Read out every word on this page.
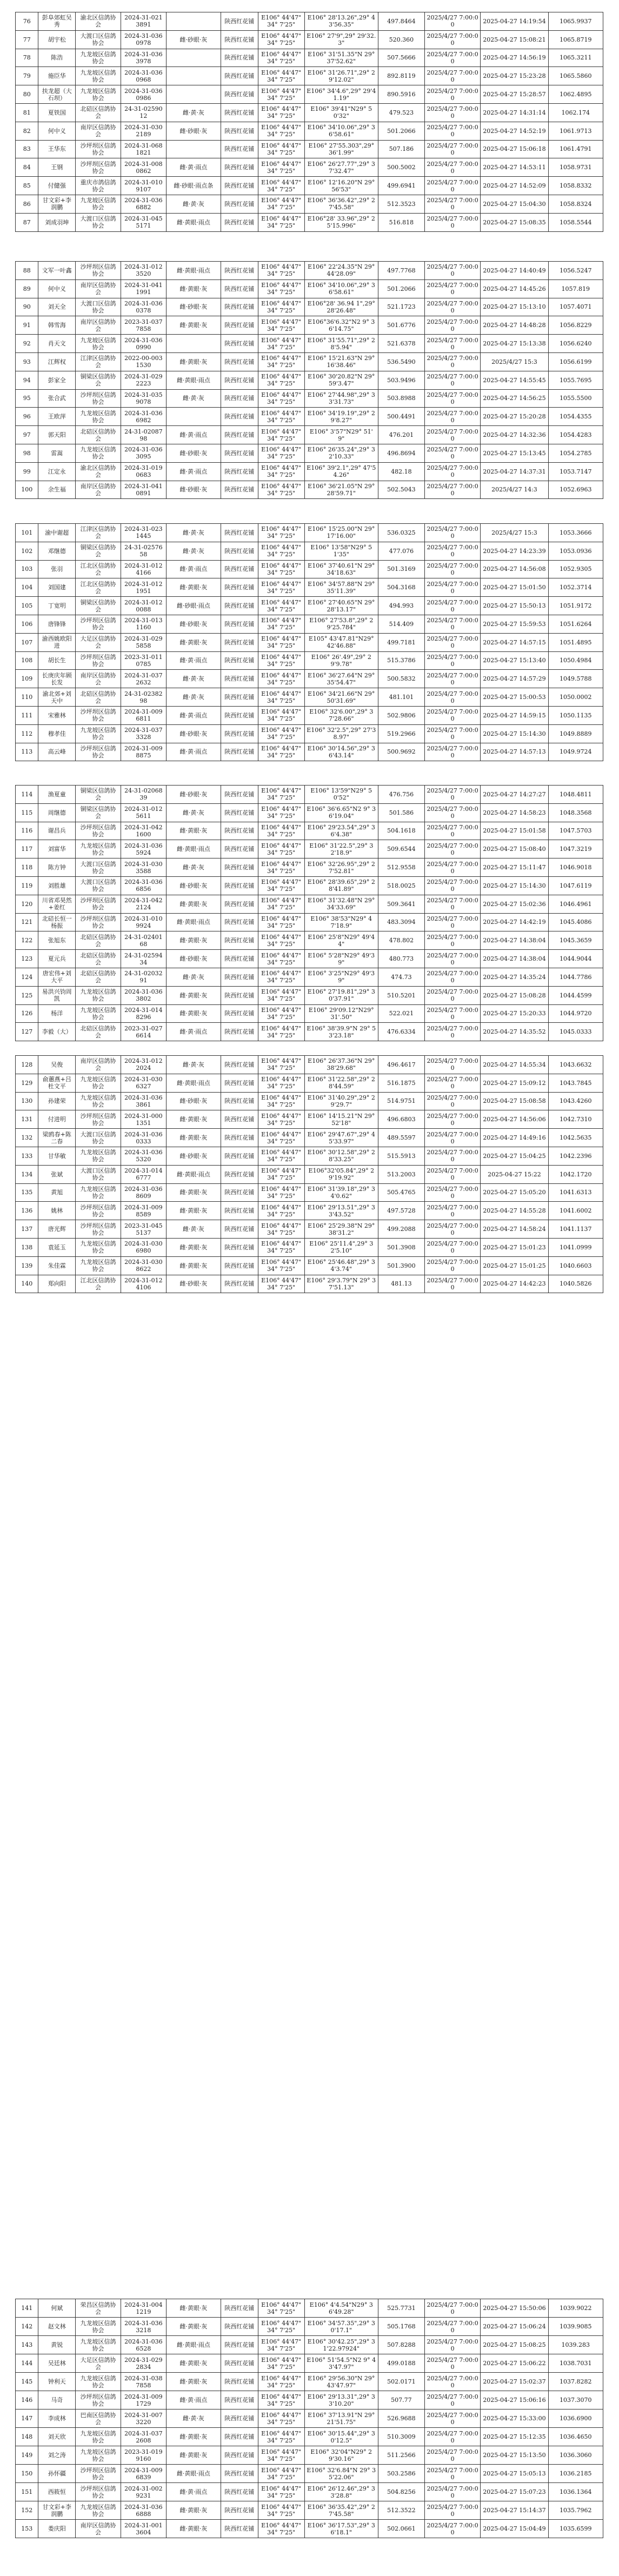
76	彭阜郊虹吴秀	渝北区信鸽协会	2024-31-0213891		陕西红花铺	E106° 44'47" 34° 7'25"	E106° 28'13.26",29° 43'56.35"	497.8464	2025/4/27 7:00:00	2025-04-27 14:19:54	1065.9937
77	胡宇松	大渡口区信鸽协会	2024-31-0360978	雌·砂眼·灰	陕西红花铺	E106° 44'47" 34° 7'25"	E106° 27'9",29° 29'32.3"	520.360	2025/4/27 7:00:00	2025-04-27 15:08:21	1065.8719
78	陈浩	九龙坡区信鸽协会	2024-31-0363978		陕西红花铺	E106° 44'47" 34° 7'25"	E106° 31'51.35"N 29° 37'52.62"	507.5666	2025/4/27 7:00:00	2025-04-27 14:56:19	1065.3211
79	施臣华	九龙坡区信鸽协会	2024-31-0360968		陕西红花铺	E106° 44'47" 34° 7'25"	E106° 31'26.71",29° 29'12.02"	892.8119	2025/4/27 7:00:00	2025-04-27 15:23:28	1065.5860
80	扶龙超（大石坝）	九龙坡区信鸽协会	2024-31-0360986		陕西红花铺	E106° 44'47" 34° 7'25"	E106° 34'4.6",29° 29'41.19"	890.5916	2025/4/27 7:00:00	2025-04-27 15:28:57	1062.4895
81	夏铁国	北碚区信鸽协会	24-31-0259012	雌·黄·灰	陕西红花铺	E106° 44'47" 34° 7'25"	E106° 39'41"N29° 50'32"	479.523	2025/4/27 7:00:00	2025-04-27 14:31:14	1062.174
82	何中义	南岸区信鸽协会	2024-31-0302189	雌·砂眼·灰	陕西红花铺	E106° 44'47" 34° 7'25"	E106° 34'10.06",29° 36'58.61"	501.2066	2025/4/27 7:00:00	2025-04-27 14:52:19	1061.9713
83	王华东	沙坪坝区信鸽协会	2024-31-0681821		陕西红花铺	E106° 44'47" 34° 7'25"	E106° 27'55.303",29° 36'1.99"	507.186	2025/4/27 7:00:00	2025-04-27 15:06:18	1061.4791
84	王钢	沙坪坝区信鸽协会	2024-31-0080862	雌·黄·雨点	陕西红花铺	E106° 44'47" 34° 7'25"	E106° 26'27.77",29° 37'32.47"	500.5002	2025/4/27 7:00:00	2025-04-27 14:53:11	1058.9731
85	付健强	重庆市鸽信鸽协会	2024-31-0109107	雌·砂眼·雨点条	陕西红花铺	E106° 44'47" 34° 7'25"	E106° 12'16.20"N 29° 56'53"	499.6941	2025/4/27 7:00:00	2025-04-27 14:52:09	1058.8332
86	甘文彩+李润鹏	九龙坡区信鸽协会	2024-31-0366882	雌·黄·灰	陕西红花铺	E106° 44'47" 34° 7'25"	E106° 36'36.42",29° 27'45.58"	512.3523	2025/4/27 7:00:00	2025-04-27 15:04:30	1058.8324
87	刘成羽坤	大渡口区信鸽协会	2024-31-0455171	雌·黄眼·雨点	陕西红花铺	E106° 44'47" 34° 7'25"	E106°28' 33.96",29° 25'15.996"	516.818	2025/4/27 7:00:00	2025-04-27 15:08:35	1058.5544
88	文军一叶鑫	沙坪坝区信鸽协会	2024-31-0123520	雌·黄眼·雨点	陕西红花铺	E106° 44'47" 34° 7'25"	E106° 22'24.35"N 29° 44'28.09"	497.7768	2025/4/27 7:00:00	2025-04-27 14:40:49	1056.5247
89	何中义	南岸区信鸽协会	2024-31-0411991	雌·黄眼·灰	陕西红花铺	E106° 44'47" 34° 7'25"	E106° 34'10.06",29° 36'58.61"	501.2066	2025/4/27 7:00:00	2025-04-27 14:45:26	1057.819
90	刘天全	大渡口区信鸽协会	2024-31-0360378	雌·砂眼·灰	陕西红花铺	E106° 44'47" 34° 7'25"	E106°28' 36.94 1",29° 28'26.48"	521.1723	2025/4/27 7:00:00	2025-04-27 15:13:10	1057.4071
91	韩雪海	南岸区信鸽协会	2023-31-0377858	雌·黄眼·灰	陕西红花铺	E106° 44'47" 34° 7'25"	E106°36'6.32"N2 9° 36'14.75"	501.6776	2025/4/27 7:00:00	2025-04-27 14:48:28	1056.8229
92	肖天文	九龙坡区信鸽协会	2024-31-0360990		陕西红花铺	E106° 44'47" 34° 7'25"	E106° 31'55.71",29° 28'5.94"	521.6378	2025/4/27 7:00:00	2025-04-27 15:13:38	1056.6240
93	江辉权	江津区信鸽协会	2022-00-0031530	雌·黄眼·灰	陕西红花铺	E106° 44'47" 34° 7'25"	E106° 15'21.63"N 29° 16'38.46"	536.5490	2025/4/27 7:00:00	2025/4/27 15:3	1056.6199
94	彭家全	铜梁区信鸽协会	2024-31-0292223	雌·黄眼·雨点	陕西红花铺	E106° 44'47" 34° 7'25"	E106° 30'20.82"N 29° 59'3.47"	503.9496	2025/4/27 7:00:00	2025-04-27 14:55:45	1055.7695
95	张合武	沙坪坝区信鸽协会	2024-31-0359078	雌·黄·灰	陕西红花铺	E106° 44'47" 34° 7'25"	E106° 27'44.98",29° 33'31.73"	503.8988	2025/4/27 7:00:00	2025-04-27 14:56:25	1055.5500
96	王欧萍	九龙坡区信鸽协会	2024-31-0366982		陕西红花铺	E106° 44'47" 34° 7'25"	E106° 34'19.19",29° 29'8.27"	500.4491	2025/4/27 7:00:00	2025-04-27 15:20:28	1054.4355
97	郭天阳	北碚区信鸽协会	24-31-0208798	雌·黄·雨点	陕西红花铺	E106° 44'47" 34° 7'25"	E106° 3'57"N29° 51' 9"	476.201	2025/4/27 7:00:00	2025-04-27 14:32:36	1054.4283
98	雷嵩	九龙坡区信鸽协会	2024-31-0363095	雌·砂眼·灰	陕西红花铺	E106° 44'47" 34° 7'25"	E106° 26'35.24",29° 32'10.33"	496.8694	2025/4/27 7:00:00	2025-04-27 15:13:45	1054.2785
99	江定永	渝北区信鸽协会	2024-31-0190683	雌·黄·雨点	陕西红花铺	E106° 44'47" 34° 7'25"	E106° 39'2.1",29° 47'54.26"	482.18	2025/4/27 7:00:00	2025-04-27 14:37:31	1053.7147
100	余生福	南岸区信鸽协会	2024-31-0410891	雌·砂眼·灰	陕西红花铺	E106° 44'47" 34° 7'25"	E106° 36'21.05"N 29° 28'59.71"	502.5043	2025/4/27 7:00:00	2025/4/27 14:3	1052.6963
101	渝中谢超	江津区信鸽协会	2024-31-0231445	雌·黄·灰	陕西红花铺	E106° 44'47" 34° 7'25"	E106° 15'25.00"N 29° 17'16.00"	536.0325	2025/4/27 7:00:00	2025/4/27 15:3	1053.3666
102	邓继德	铜梁区信鸽协会	24-31-0257658	雌·黄·灰	陕西红花铺	E106° 44'47" 34° 7'25"	E106° 13'58"N29° 51'35"	477.076	2025/4/27 7:00:00	2025-04-27 14:23:39	1053.0936
103	张羽	江北区信鸽协会	2024-31-0124166	雌·黄·雨点	陕西红花铺	E106° 44'47" 34° 7'25"	E106° 37'40.61"N 29° 34'18.63"	501.3169	2025/4/27 7:00:00	2025-04-27 14:56:08	1052.9305
104	刘国建	江北区信鸽协会	2024-31-0121951	雌·黄眼·灰	陕西红花铺	E106° 44'47" 34° 7'25"	E106° 34'57.88"N 29° 35'11.39"	504.3168	2025/4/27 7:00:00	2025-04-27 15:01:50	1052.3714
105	丁宽明	铜梁区信鸽协会	2024-31-0120088	雌·砂眼·雨点	陕西红花铺	E106° 44'47" 34° 7'25"	E106° 27'40.65"N 29° 28'13.17"	494.993	2025/4/27 7:00:00	2025-04-27 15:50:13	1051.9172
106	唐锋锋	沙坪坝区信鸽协会	2024-31-0131160	雌·砂眼·灰	陕西红花铺	E106° 44'47" 34° 7'25"	E106° 27'53.8",29° 29'25.784"	514.409	2025/4/27 7:00:00	2025-04-27 15:59:53	1051.6264
107	渝西姚欧阳进	大足区信鸽协会	2024-31-0295858	雌·黄眼·灰	陕西红花铺	E106° 44'47" 34° 7'25"	E105° 43'47.81"N29° 42'46.88"	499.7181	2025/4/27 7:00:00	2025-04-27 14:57:15	1051.4895
108	胡长生	沙坪坝区信鸽协会	2023-31-0110785	雌·黄·雨点	陕西红花铺	E106° 44'47" 34° 7'25"	E106° 26'.49",29° 29'9.78"	515.3786	2025/4/27 7:00:00	2025-04-27 15:13:40	1050.4984
109	长庚庆年顾长发	南岸区信鸽协会	2024-31-0372632	雌·黄·灰	陕西红花铺	E106° 44'47" 34° 7'25"	E106° 36'27.64"N 29° 35'54.47"	500.5832	2025/4/27 7:00:00	2025-04-27 14:57:29	1049.5788
110	渝北郊+刘天中	北碚区信鸽协会	24-31-0238298	雌·黄·灰	陕西红花铺	E106° 44'47" 34° 7'25"	E106° 34'21.66"N 29° 50'31.69"	481.101	2025/4/27 7:00:00	2025-04-27 15:00:53	1050.0002
111	宋雅林	沙坪坝区信鸽协会	2024-31-0096811	雌·黄·雨点	陕西红花铺	E106° 44'47" 34° 7'25"	E106° 32'6.00",29° 37'28.66"	502.9806	2025/4/27 7:00:00	2025-04-27 14:59:15	1050.1135
112	穆孝佳	九龙坡区信鸽协会	2024-31-0373328	雌·砂眼·灰	陕西红花铺	E106° 44'47" 34° 7'25"	E106° 32'2.5",29° 27'38.97"	519.2966	2025/4/27 7:00:00	2025-04-27 15:14:30	1049.8889
113	高云峰	沙坪坝区信鸽协会	2024-31-0098875	雌·黄·雨点	陕西红花铺	E106° 44'47" 34° 7'25"	E106° 30'14.56",29° 36'43.14"	500.9692	2025/4/27 7:00:00	2025-04-27 14:57:13	1049.9724
114	渔夏童	铜梁区信鸽协会	24-31-0206839	雌·砂眼·灰	陕西红花铺	E106° 44'47" 34° 7'25"	E106° 13'59"N29° 50'52"	476.756	2025/4/27 7:00:00	2025-04-27 14:27:27	1048.4811
115	周继德	铜梁区信鸽协会	2024-31-0125611	雌·黄·灰	陕西红花铺	E106° 44'47" 34° 7'25"	E106° 36'6.65"N2 9° 36'19.04"	501.586	2025/4/27 7:00:00	2025-04-27 14:58:23	1048.3568
116	谢昌兵	沙坪坝区信鸽协会	2024-31-0421600	雌·黄眼·灰	陕西红花铺	E106° 44'47" 34° 7'25"	E106° 29'23.54",29° 36'4.38"	504.1618	2025/4/27 7:00:00	2025-04-27 15:01:58	1047.5703
117	刘富华	九龙坡区信鸽协会	2024-31-0365924	雌·黄眼·雨点	陕西红花铺	E106° 44'47" 34° 7'25"	E106° 31'22.5",29° 32'18.9"	509.6544	2025/4/27 7:00:00	2025-04-27 15:08:40	1047.3219
118	陈方钟	大渡口区信鸽协会	2024-31-0303588	雌·黄·灰	陕西红花铺	E106° 44'47" 34° 7'25"	E106° 32'26.95",29° 27'52.81"	512.9558	2025/4/27 7:00:00	2025-04-27 15:11:47	1046.9018
119	刘胜雄	大渡口区信鸽协会	2024-31-0366856	雌·砂眼·灰	陕西红花铺	E106° 44'47" 34° 7'25"	E106° 28'39.65",29° 28'41.89"	518.0025	2025/4/27 7:00:00	2025-04-27 15:14:30	1047.6119
120	川省邓昊然+姜红	沙坪坝区信鸽协会	2024-31-0422124	雌·黄眼·灰	陕西红花铺	E106° 44'47" 34° 7'25"	E106° 31'32.48"N 29° 34'33.69"	509.3641	2025/4/27 7:00:00	2025-04-27 15:02:36	1046.4961
121	北碚长恒一杨振	沙坪坝区信鸽协会	2024-31-0109924	雌·黄眼·雨点	陕西红花铺	E106° 44'47" 34° 7'25"	E106° 38'53"N29° 47'18.9"	483.3094	2025/4/27 7:00:00	2025-04-27 14:42:19	1045.4086
122	张旭东	北碚区信鸽协会	24-31-0240168	雌·黄眼·灰	陕西红花铺	E106° 44'47" 34° 7'25"	E106° 25'8"N29° 49'44"	478.802	2025/4/27 7:00:00	2025-04-27 14:38:04	1045.3659
123	夏元兵	北碚区信鸽协会	24-31-0259434	雌·砂眼·灰	陕西红花铺	E106° 44'47" 34° 7'25"	E106° 5'28"N29° 49'39"	480.773	2025/4/27 7:00:00	2025-04-27 14:38:04	1044.9044
124	唐宏伟+刘大平	北碚区信鸽协会	24-31-0203291	雌·黄·灰	陕西红花铺	E106° 44'47" 34° 7'25"	E106° 3'25"N29° 49'39"	474.73	2025/4/27 7:00:00	2025-04-27 14:35:24	1044.7786
125	易洪兴钧周凯	九龙坡区信鸽协会	2024-31-0363802	雌·黄眼·灰	陕西红花铺	E106° 44'47" 34° 7'25"	E106° 27'19.81",29° 30'37.91"	510.5201	2025/4/27 7:00:00	2025-04-27 15:08:28	1044.4599
126	杨洋	九龙坡区信鸽协会	2024-31-0148296	雌·黄眼·灰	陕西红花铺	E106° 44'47" 34° 7'25"	E106° 29'09.12"N29° 31'.50"	522.021	2025/4/27 7:00:00	2025-04-27 15:20:33	1044.9720
127	李毅（大）	北碚区信鸽协会	2023-31-0276614	雌·黄·雨点	陕西红花铺	E106° 44'47" 34° 7'25"	E106° 38'39.9"N 29° 53'23.18"	476.6334	2025/4/27 7:00:00	2025-04-27 14:35:52	1045.0333
128	吴俊	南岸区信鸽协会	2024-31-0122024	雌·黄·灰	陕西红花铺	E106° 44'47" 34° 7'25"	E106° 26'37.36"N 29° 38'29.68"	496.4617	2025/4/27 7:00:00	2025-04-27 14:55:34	1043.6632
129	俞蕙燕+吕杜文平	九龙坡区信鸽协会	2024-31-0306327	雌·黄眼·雨点	陕西红花铺	E106° 44'47" 34° 7'25"	E106° 31'22.58",29° 28'44.59"	516.1875	2025/4/27 7:00:00	2025-04-27 15:09:12	1043.7845
130	孙建荣	九龙坡区信鸽协会	2024-31-0363861	雌·砂眼·灰	陕西红花铺	E106° 44'47" 34° 7'25"	E106° 31'40.29",29° 29'29.7"	514.9751	2025/4/27 7:00:00	2025-04-27 15:08:58	1043.4260
131	付进明	沙坪坝区信鸽协会	2024-31-0001351	雌·黄眼·灰	陕西红花铺	E106° 44'47" 34° 7'25"	E106° 14'15.21"N 29° 52'18"	496.6803	2025/4/27 7:00:00	2025-04-27 14:56:06	1042.7310
132	梁鸥春+陈二春	大渡口区信鸽协会	2024-31-0360333	雌·黄眼·灰	陕西红花铺	E106° 44'47" 34° 7'25"	E106° 29'47.67",29° 45'33.97"	489.5597	2025/4/27 7:00:00	2025-04-27 14:49:16	1042.5635
133	甘华敏	九龙坡区信鸽协会	2024-31-0365320	雌·砂眼·灰	陕西红花铺	E106° 44'47" 34° 7'25"	E106° 30'12.58",29° 28'33.25"	515.5913	2025/4/27 7:00:00	2025-04-27 15:04:25	1042.2396
134	张斌	大渡口区信鸽协会	2024-31-0146777	雌·黄眼·雨点	陕西红花铺	E106° 44'47" 34° 7'25"	E106°32'05.84",29° 29'19.92"	513.2003	2025/4/27 7:00:00	2025-04-27 15:22	1042.1720
135	黄旭	九龙坡区信鸽协会	2024-31-0368609	雌·黄眼·灰	陕西红花铺	E106° 44'47" 34° 7'25"	E106° 31'39.18",29° 34'0.62"	505.4765	2025/4/27 7:00:00	2025-04-27 15:05:20	1041.6313
136	姚林	沙坪坝区信鸽协会	2024-31-0098589	雌·黄眼·灰	陕西红花铺	E106° 44'47" 34° 7'25"	E106° 29'13.51",29° 33'43.52"	497.5728	2025/4/27 7:00:00	2025-04-27 14:55:28	1041.6002
137	唐光辉	沙坪坝区信鸽协会	2023-31-0455137	雌·黄·灰	陕西红花铺	E106° 44'47" 34° 7'25"	E106° 25'29.38"N 29° 38'31.2"	499.2088	2025/4/27 7:00:00	2025-04-27 14:58:24	1041.1137
138	袁延玉	九龙坡区信鸽协会	2024-31-0306980	雌·黄眼·灰	陕西红花铺	E106° 44'47" 34° 7'25"	E106° 25'11.4",29° 32'5.10"	501.3908	2025/4/27 7:00:00	2025-04-27 15:01:23	1041.0999
139	朱佳霖	九龙坡区信鸽协会	2024-31-0308622	雌·黄眼·灰	陕西红花铺	E106° 44'47" 34° 7'25"	E106° 25'46.48",29° 34'3.74"	501.3900	2025/4/27 7:00:00	2025-04-27 15:01:25	1040.6603
140	郑向阳	江北区信鸽协会	2024-31-0124106	雌·砂眼·灰	陕西红花铺	E106° 44'47" 34° 7'25"	E106° 29'3.79"N 29° 37'51.13"	481.13	2025/4/27 7:00:00	2025-04-27 14:42:23	1040.5826
141	何斌	荣昌区信鸽协会	2024-31-0041219	雌·黄眼·灰	陕西红花铺	E106° 44'47" 34° 7'25"	E106° 4'4.54"N29° 36'49.28"	525.7731	2025/4/27 7:00:00	2025-04-27 15:50:06	1039.9022
142	赵文林	九龙坡区信鸽协会	2024-31-0363218	雌·黄眼·灰	陕西红花铺	E106° 44'47" 34° 7'25"	E106° 34'57.35",29° 30'17.1"	505.1768	2025/4/27 7:00:00	2025-04-27 15:06:24	1039.9085
143	黄锐	九龙坡区信鸽协会	2024-31-0366528	雌·黄眼·雨点	陕西红花铺	E106° 44'47" 34° 7'25"	E106° 30'42.25",29° 31'22.97924"	507.8288	2025/4/27 7:00:00	2025-04-27 15:08:25	1039.283
144	吴廷林	大足区信鸽协会	2024-31-0292834	雌·黄眼·灰	陕西红花铺	E106° 44'47" 34° 7'25"	E106° 51'54.5"N2 9° 43'47.97"	499.0188	2025/4/27 7:00:00	2025-04-27 15:06:22	1038.7031
145	钟利天	九龙坡区信鸽协会	2024-31-0387858	雌·黄眼·灰	陕西红花铺	E106° 44'47" 34° 7'25"	E106° 29'56.30"N 29° 43'47.97"	502.0171	2025/4/27 7:00:00	2025-04-27 15:02:37	1037.8282
146	马奇	沙坪坝区信鸽协会	2024-31-0091729	雌·黄·雨点	陕西红花铺	E106° 44'47" 34° 7'25"	E106° 29'13.31",29° 33'10.20"	507.77	2025/4/27 7:00:00	2025-04-27 15:06:16	1037.3070
147	李成林	巴南区信鸽协会	2024-31-0073220	雌·黄·灰	陕西红花铺	E106° 44'47" 34° 7'25"	E106° 37'13.91"N 29° 21'51.75"	526.9688	2025/4/27 7:00:00	2025-04-27 15:33:00	1036.6900
148	刘天欣	九龙坡区信鸽协会	2024-31-0372608	雌·黄眼·灰	陕西红花铺	E106° 44'47" 34° 7'25"	E106° 30'15.44",29° 30'12.5"	510.3009	2025/4/27 7:00:00	2025-04-27 15:12:35	1036.4650
149	刘之涛	九龙坡区信鸽协会	2023-31-0199160	雌·黄眼·灰	陕西红花铺	E106° 44'47" 34° 7'25"	E106° 32'04"N29° 29'30.16"	511.2566	2025/4/27 7:00:00	2025-04-27 15:13:50	1036.3060
150	孙怀疆	沙坪坝区信鸽协会	2024-31-0096839	雌·黄眼·雨点	陕西红花铺	E106° 44'47" 34° 7'25"	E106° 32'6.84"N 29° 35'22.06"	503.2586	2025/4/27 7:00:00	2025-04-27 15:05:13	1036.2185
151	西筱恒	沙坪坝区信鸽协会	2024-31-0029231	雌·黄·雨点	陕西红花铺	E106° 44'47" 34° 7'25"	E106° 26'12.46",29° 33'28.8"	504.8256	2025/4/27 7:00:00	2025-04-27 15:07:23	1036.1364
152	甘文彩+李润鹏	九龙坡区信鸽协会	2024-31-0366888	雌·黄眼·灰	陕西红花铺	E106° 44'47" 34° 7'25"	E106° 36'35.42",29° 27'45.58"	512.3522	2025/4/27 7:00:00	2025-04-27 15:14:37	1035.7962
153	娄庆阳	南岸区信鸽协会	2024-31-0013604	雌·黄眼·灰	陕西红花铺	E106° 44'47" 34° 7'25"	E106° 36'17.53",29° 36'18.1"	502.0661	2025/4/27 7:00:00	2025-04-27 15:04:49	1035.6599
